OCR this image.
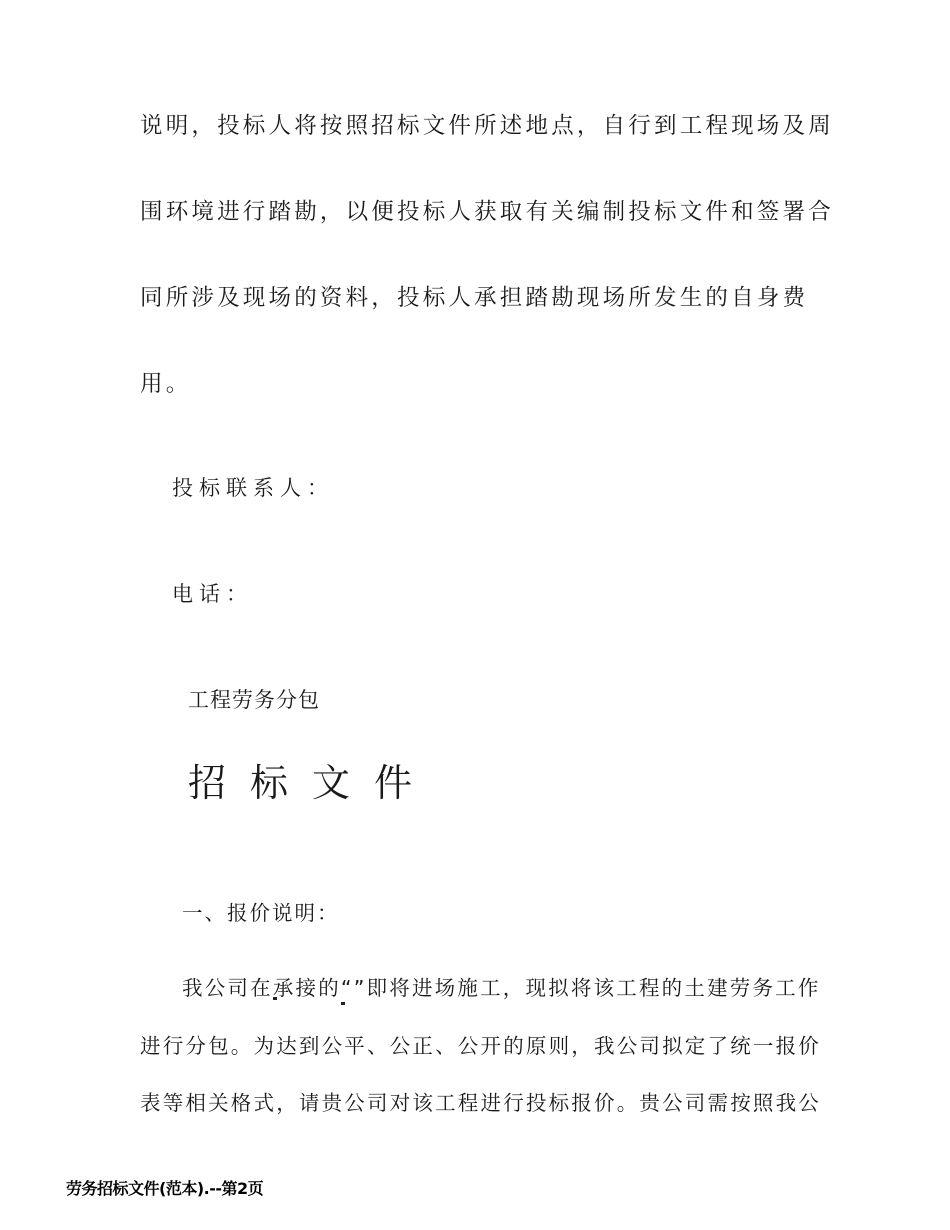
说明，投标人将按照招标文件所述地点，自行到工程现场及周

围环境进行踏勘，以便投标人获取有关编制投标文件和签署合

同所涉及现场的资料，投标人承担踏勘现场所发生的自身费

用。

投标联系人：

电话：

工程劳务分包

招标文件

一、报价说明：

我公司在承接的“”即将进场施工，现拟将该工程的土建劳务工作

进行分包。为达到公平、公正、公开的原则，我公司拟定了统一报价

表等相关格式，请贵公司对该工程进行投标报价。贵公司需按照我公

劳务招标文件(范本).--第2页
